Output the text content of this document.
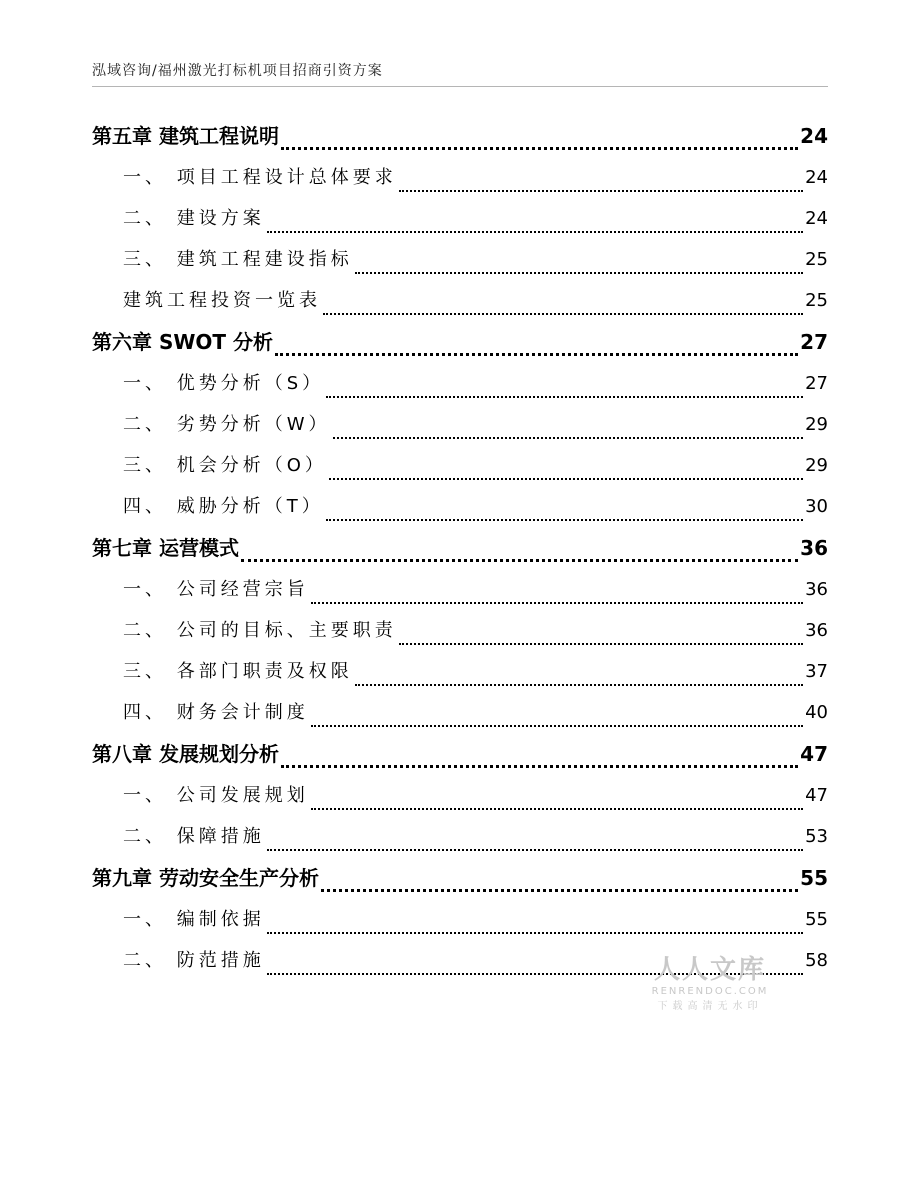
泓域咨询/福州激光打标机项目招商引资方案
第五章 建筑工程说明	24
一、 项目工程设计总体要求	24
二、 建设方案	24
三、 建筑工程建设指标	25
建筑工程投资一览表	25
第六章 SWOT 分析	27
一、 优势分析（S）	27
二、 劣势分析（W）	29
三、 机会分析（O）	29
四、 威胁分析（T）	30
第七章 运营模式	36
一、 公司经营宗旨	36
二、 公司的目标、主要职责	36
三、 各部门职责及权限	37
四、 财务会计制度	40
第八章 发展规划分析	47
一、 公司发展规划	47
二、 保障措施	53
第九章 劳动安全生产分析	55
一、 编制依据	55
二、 防范措施	58
人人文库
RENRENDOC.COM
下载高清无水印
